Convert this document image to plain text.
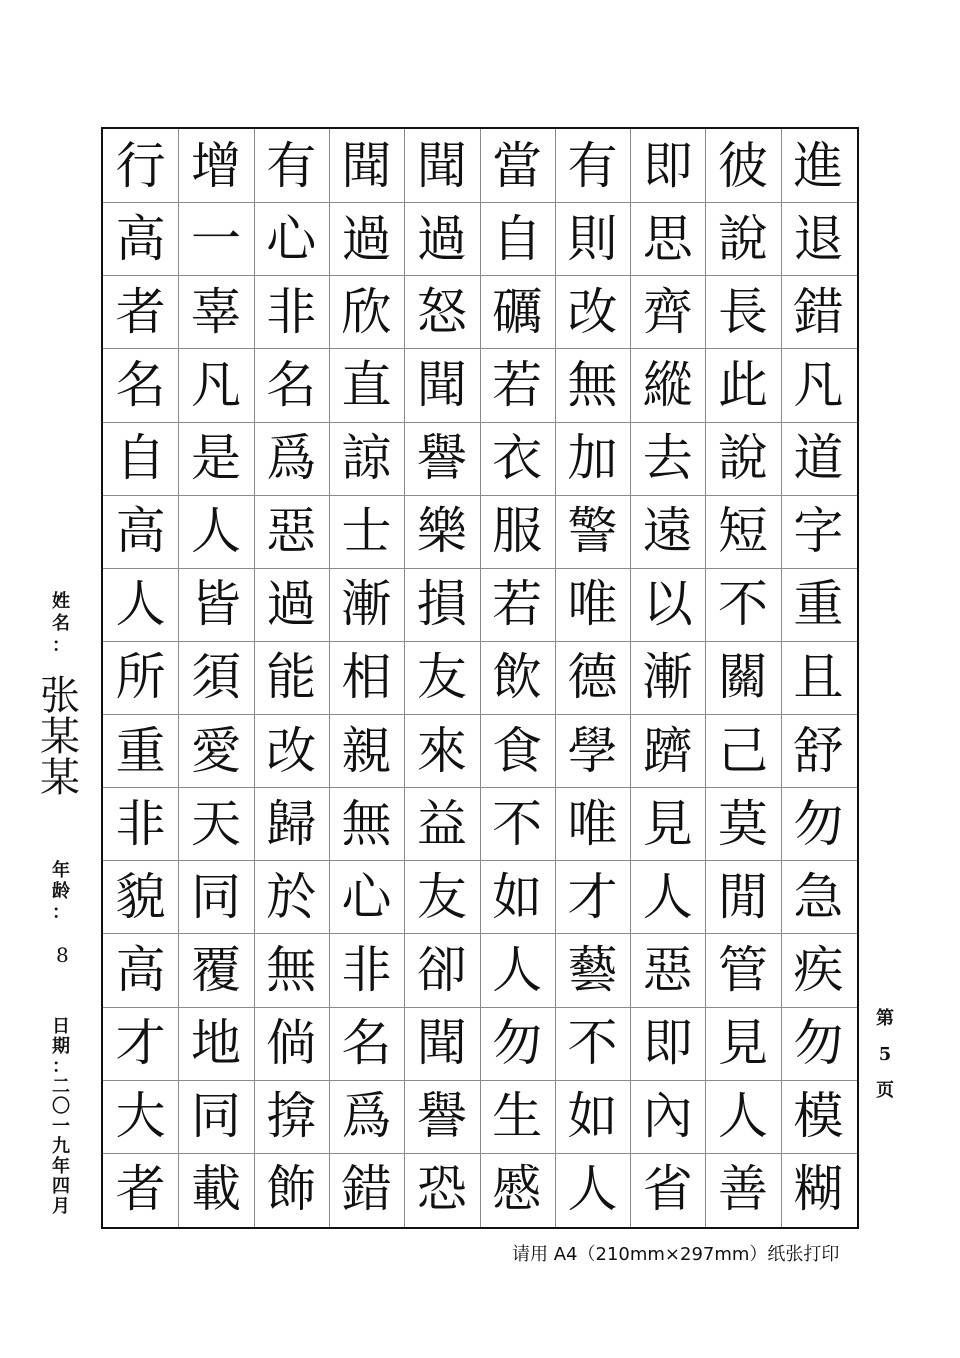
進
退
錯
凡
道
字
重
且
舒
勿
急
疾
勿
模
糊
彼
說
長
此
說
短
不
關
己
莫
閒
管
見
人
善
即
思
齊
縱
去
遠
以
漸
躋
見
人
惡
即
內
省
有
則
改
無
加
警
唯
德
學
唯
才
藝
不
如
人
當
自
礪
若
衣
服
若
飲
食
不
如
人
勿
生
慼
聞
過
怒
聞
譽
樂
損
友
來
益
友
卻
聞
譽
恐
聞
過
欣
直
諒
士
漸
相
親
無
心
非
名
爲
錯
有
心
非
名
爲
惡
過
能
改
歸
於
無
倘
揜
飾
增
一
辜
凡
是
人
皆
須
愛
天
同
覆
地
同
載
行
高
者
名
自
高
人
所
重
非
貌
高
才
大
者
姓
名
：
张
某
某
年
龄
：
8
日
期
：
二
〇
一
九
年
四
月
第
5
页
请用 A4（210mm×297mm）纸张打印
